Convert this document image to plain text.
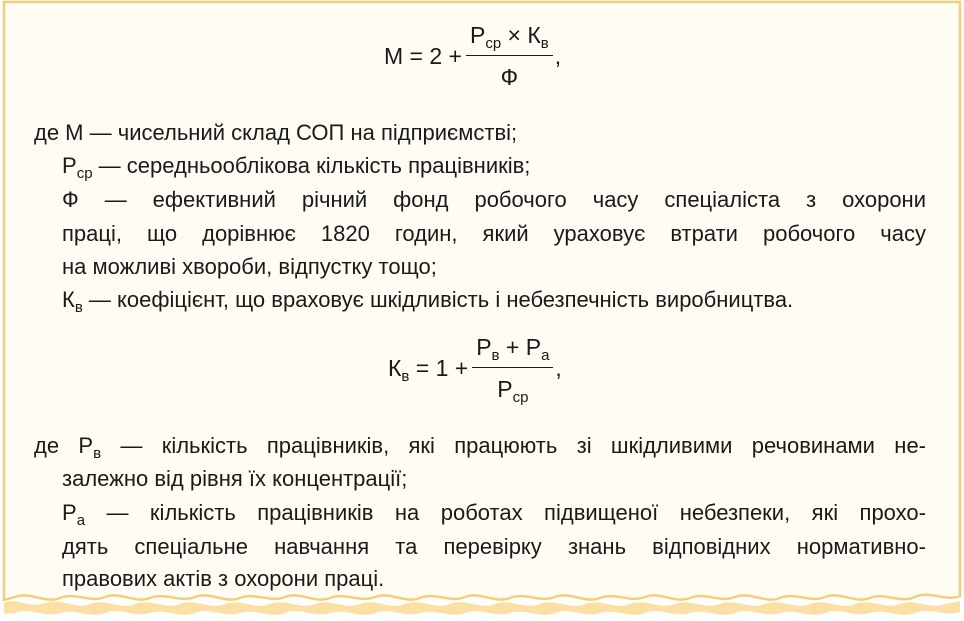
$М = 2 + \frac{Р_{ср} \times К_в}{Ф}$ ,
де М — чисельний склад СОП на підприємстві;
$Р_{ср}$ — середньооблікова кількість працівників;
Ф — ефективний річний фонд робочого часу спеціаліста з охорони
праці, що дорівнює 1820 годин, який ураховує втрати робочого часу
на можливі хвороби, відпустку тощо;
$К_в$ — коефіцієнт, що враховує шкідливість і небезпечність виробництва.
$К_в = 1 + \frac{Р_в + Р_а}{Р_{ср}}$ ,
де $Р_в$ — кількість працівників, які працюють зі шкідливими речовинами не-
залежно від рівня їх концентрації;
$Р_а$ — кількість працівників на роботах підвищеної небезпеки, які прохо-
дять спеціальне навчання та перевірку знань відповідних нормативно-
правових актів з охорони праці.
